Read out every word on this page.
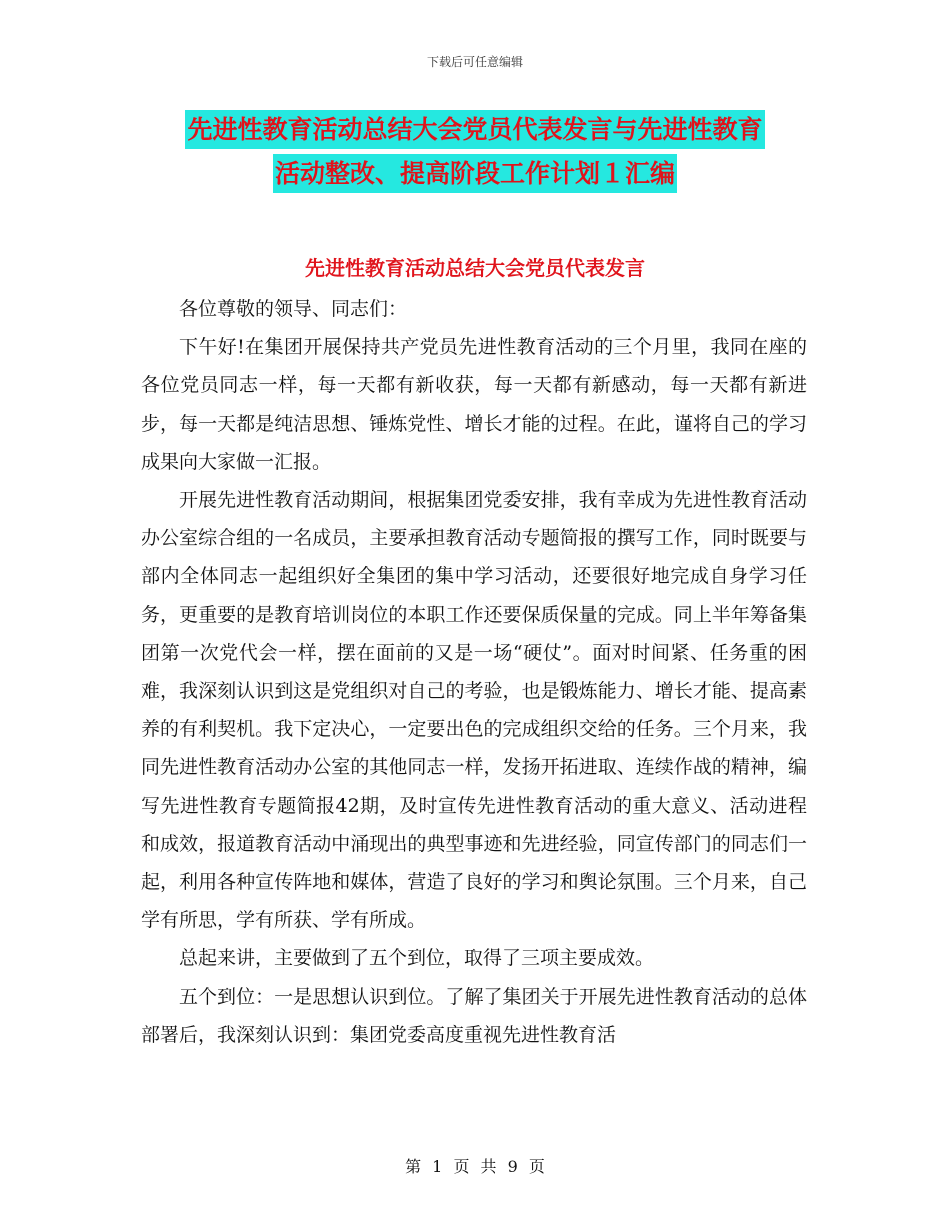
下载后可任意编辑
先进性教育活动总结大会党员代表发言与先进性教育
活动整改、提高阶段工作计划１汇编
先进性教育活动总结大会党员代表发言

各位尊敬的领导、同志们：

下午好!在集团开展保持共产党员先进性教育活动的三个月里，我同在座的各位党员同志一样，每一天都有新收获，每一天都有新感动，每一天都有新进步，每一天都是纯洁思想、锤炼党性、增长才能的过程。在此，谨将自己的学习成果向大家做一汇报。

开展先进性教育活动期间，根据集团党委安排，我有幸成为先进性教育活动办公室综合组的一名成员，主要承担教育活动专题简报的撰写工作，同时既要与部内全体同志一起组织好全集团的集中学习活动，还要很好地完成自身学习任务，更重要的是教育培训岗位的本职工作还要保质保量的完成。同上半年筹备集团第一次党代会一样，摆在面前的又是一场“硬仗”。面对时间紧、任务重的困难，我深刻认识到这是党组织对自己的考验，也是锻炼能力、增长才能、提高素养的有利契机。我下定决心，一定要出色的完成组织交给的任务。三个月来，我同先进性教育活动办公室的其他同志一样，发扬开拓进取、连续作战的精神，编写先进性教育专题简报42期，及时宣传先进性教育活动的重大意义、活动进程和成效，报道教育活动中涌现出的典型事迹和先进经验，同宣传部门的同志们一起，利用各种宣传阵地和媒体，营造了良好的学习和舆论氛围。三个月来，自己学有所思，学有所获、学有所成。

总起来讲，主要做到了五个到位，取得了三项主要成效。

五个到位：一是思想认识到位。了解了集团关于开展先进性教育活动的总体部署后，我深刻认识到：集团党委高度重视先进性教育活

第 1 页 共 9 页
